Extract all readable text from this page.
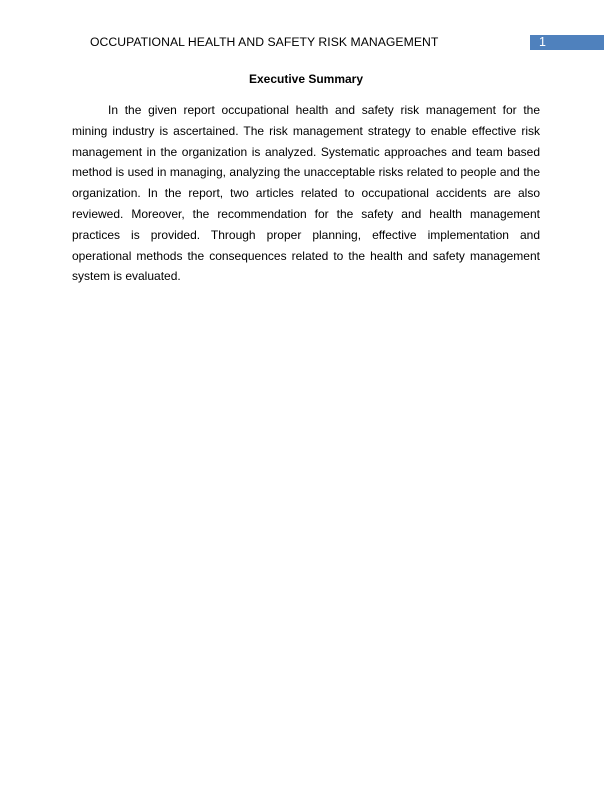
OCCUPATIONAL HEALTH AND SAFETY RISK MANAGEMENT	1
Executive Summary

In the given report occupational health and safety risk management for the mining industry is ascertained. The risk management strategy to enable effective risk management in the organization is analyzed. Systematic approaches and team based method is used in managing, analyzing the unacceptable risks related to people and the organization. In the report, two articles related to occupational accidents are also reviewed. Moreover, the recommendation for the safety and health management practices is provided. Through proper planning, effective implementation and operational methods the consequences related to the health and safety management system is evaluated.
